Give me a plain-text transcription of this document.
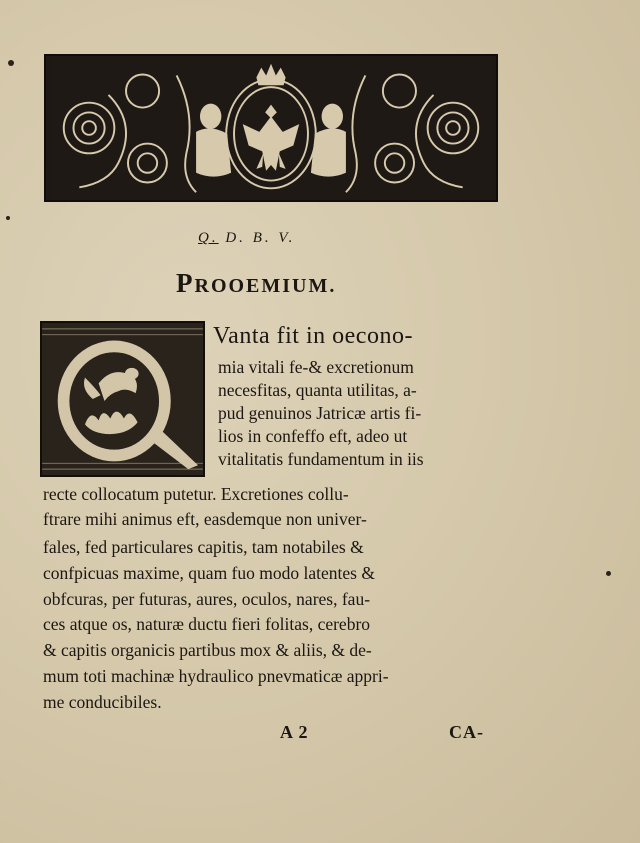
Q. D. B. V.
PROOEMIUM.
Vanta fit in oecono-
mia vitali fe-& excretionum
necesfitas, quanta utilitas, a-
pud genuinos Jatricæ artis fi-
lios in confeffo eft, adeo ut
vitalitatis fundamentum in iis
recte collocatum putetur. Excretiones collu-
ftrare mihi animus eft, easdemque non univer-
fales, fed particulares capitis, tam notabiles &
confpicuas maxime, quam fuo modo latentes &
obfcuras, per futuras, aures, oculos, nares, fau-
ces atque os, naturæ ductu fieri folitas, cerebro
& capitis organicis partibus mox & aliis, & de-
mum toti machinæ hydraulico pnevmaticæ appri-
me conducibiles.
A 2	CA-
